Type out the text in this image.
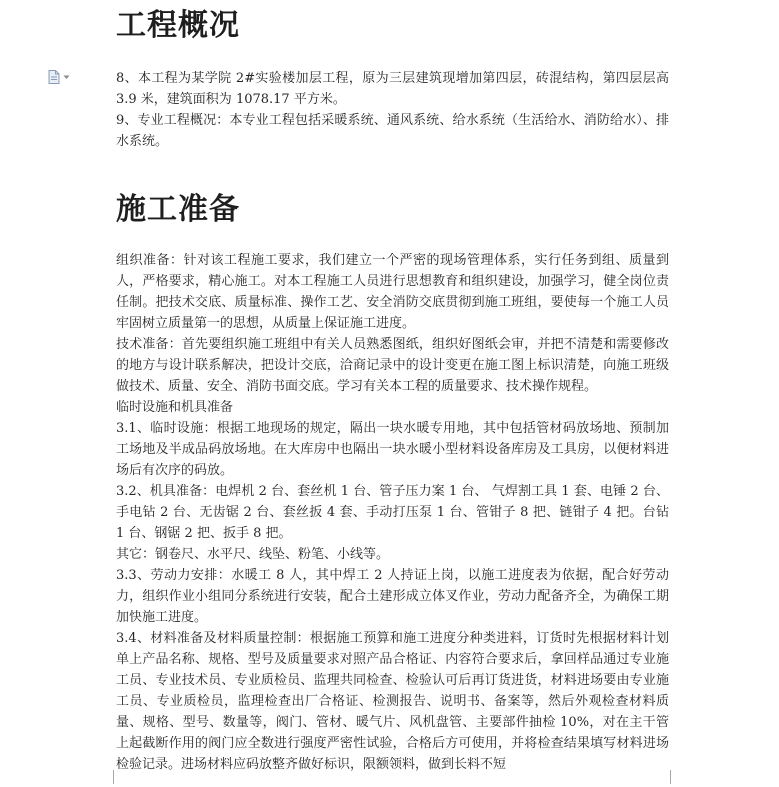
工程概况

8、本工程为某学院 2#实验楼加层工程，原为三层建筑现增加第四层，砖混结构，第四层层高 3.9 米，建筑面积为 1078.17 平方米。

9、专业工程概况：本专业工程包括采暖系统、通风系统、给水系统（生活给水、消防给水）、排水系统。

施工准备

组织准备：针对该工程施工要求，我们建立一个严密的现场管理体系，实行任务到组、质量到人，严格要求，精心施工。对本工程施工人员进行思想教育和组织建设，加强学习，健全岗位责任制。把技术交底、质量标准、操作工艺、安全消防交底贯彻到施工班组，要使每一个施工人员牢固树立质量第一的思想，从质量上保证施工进度。

技术准备：首先要组织施工班组中有关人员熟悉图纸，组织好图纸会审，并把不清楚和需要修改的地方与设计联系解决，把设计交底，洽商记录中的设计变更在施工图上标识清楚，向施工班级做技术、质量、安全、消防书面交底。学习有关本工程的质量要求、技术操作规程。

临时设施和机具准备

3.1、临时设施：根据工地现场的规定，隔出一块水暖专用地，其中包括管材码放场地、预制加工场地及半成品码放场地。在大库房中也隔出一块水暖小型材料设备库房及工具房，以便材料进场后有次序的码放。

3.2、机具准备：电焊机 2 台、套丝机 1 台、管子压力案 1 台、 气焊割工具 1 套、电锤 2 台、手电钻 2 台、无齿锯 2 台、套丝扳 4 套、手动打压泵 1 台、管钳子 8 把、链钳子 4 把。台钻 1 台、钢锯 2 把、扳手 8 把。

其它：钢卷尺、水平尺、线坠、粉笔、小线等。

3.3、劳动力安排：水暖工 8 人，其中焊工 2 人持证上岗，以施工进度表为依据，配合好劳动力，组织作业小组同分系统进行安装，配合土建形成立体叉作业，劳动力配备齐全，为确保工期加快施工进度。

3.4、材料准备及材料质量控制：根据施工预算和施工进度分种类进料，订货时先根据材料计划单上产品名称、规格、型号及质量要求对照产品合格证、内容符合要求后，拿回样品通过专业施工员、专业技术员、专业质检员、监理共同检查、检验认可后再订货进货，材料进场要由专业施工员、专业质检员，监理检查出厂合格证、检测报告、说明书、备案等，然后外观检查材料质量、规格、型号、数量等，阀门、管材、暖气片、风机盘管、主要部件抽检 10%，对在主干管上起截断作用的阀门应全数进行强度严密性试验，合格后方可使用，并将检查结果填写材料进场检验记录。进场材料应码放整齐做好标识，限额领料，做到长料不短
